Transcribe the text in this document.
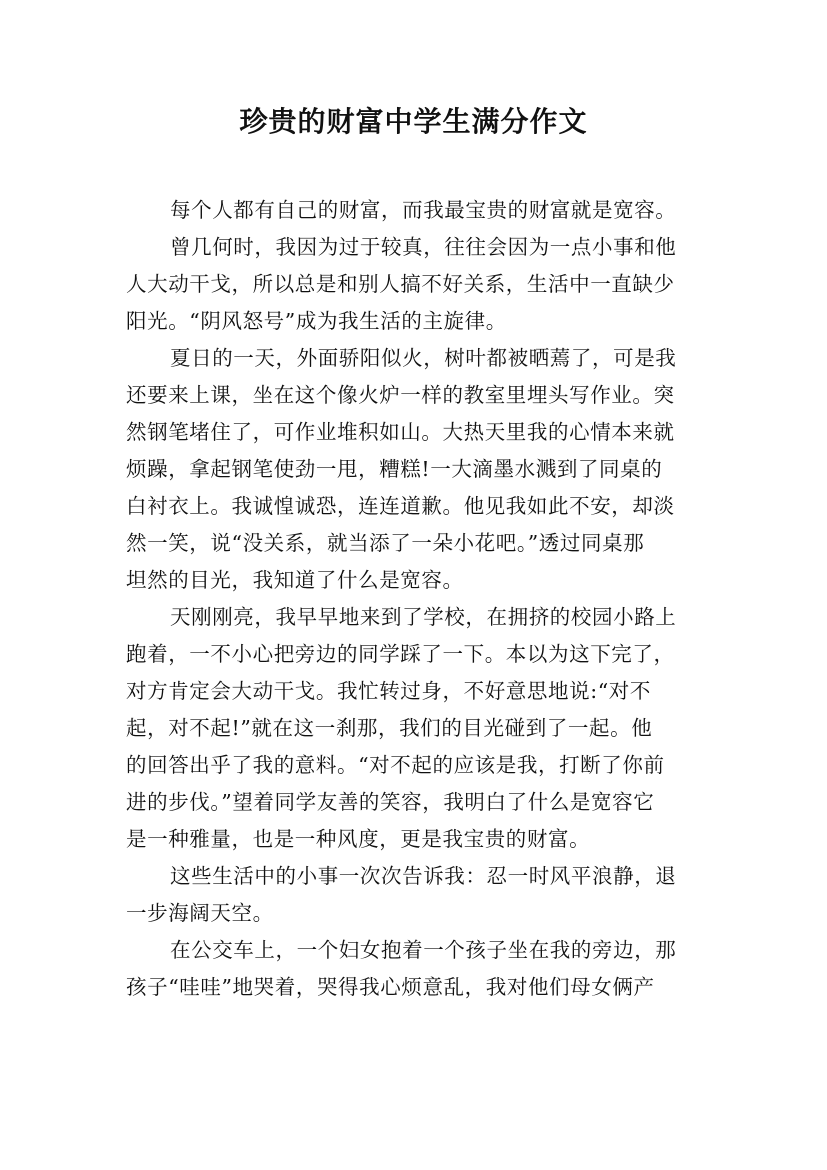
珍贵的财富中学生满分作文
每个人都有自己的财富，而我最宝贵的财富就是宽容。
曾几何时，我因为过于较真，往往会因为一点小事和他
人大动干戈，所以总是和别人搞不好关系，生活中一直缺少
阳光。“阴风怒号”成为我生活的主旋律。
夏日的一天，外面骄阳似火，树叶都被晒蔫了，可是我
还要来上课，坐在这个像火炉一样的教室里埋头写作业。突
然钢笔堵住了，可作业堆积如山。大热天里我的心情本来就
烦躁，拿起钢笔使劲一甩，糟糕!一大滴墨水溅到了同桌的
白衬衣上。我诚惶诚恐，连连道歉。他见我如此不安，却淡
然一笑，说“没关系，就当添了一朵小花吧。”透过同桌那
坦然的目光，我知道了什么是宽容。
天刚刚亮，我早早地来到了学校，在拥挤的校园小路上
跑着，一不小心把旁边的同学踩了一下。本以为这下完了，
对方肯定会大动干戈。我忙转过身，不好意思地说:“对不
起，对不起!”就在这一刹那，我们的目光碰到了一起。他
的回答出乎了我的意料。“对不起的应该是我，打断了你前
进的步伐。”望着同学友善的笑容，我明白了什么是宽容它
是一种雅量，也是一种风度，更是我宝贵的财富。
这些生活中的小事一次次告诉我：忍一时风平浪静，退
一步海阔天空。
在公交车上，一个妇女抱着一个孩子坐在我的旁边，那
孩子“哇哇”地哭着，哭得我心烦意乱，我对他们母女俩产
